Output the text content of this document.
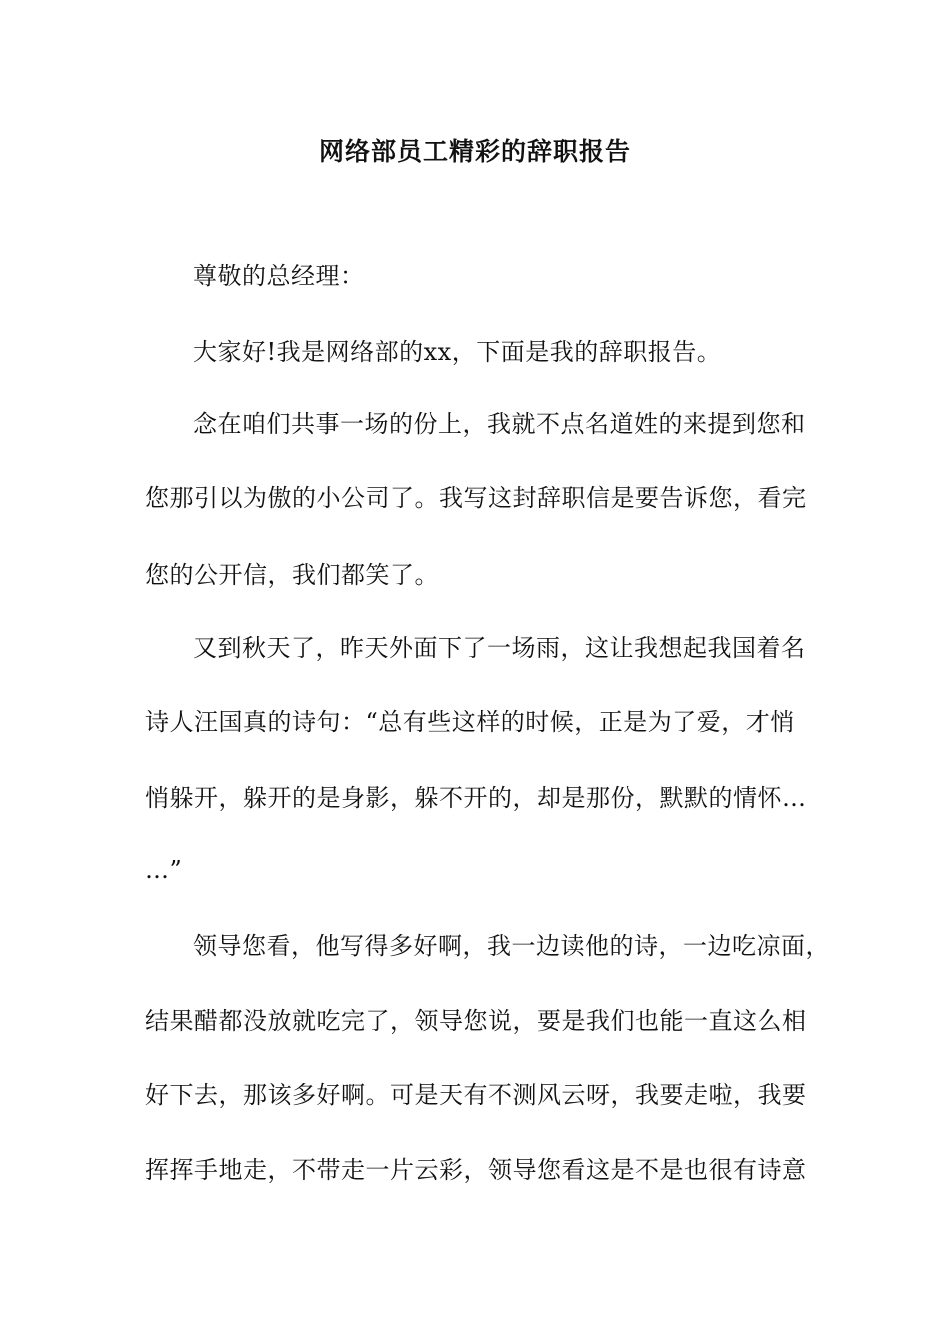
网络部员工精彩的辞职报告
尊敬的总经理：
大家好!我是网络部的xx，下面是我的辞职报告。
念在咱们共事一场的份上，我就不点名道姓的来提到您和
您那引以为傲的小公司了。我写这封辞职信是要告诉您，看完
您的公开信，我们都笑了。
又到秋天了，昨天外面下了一场雨，这让我想起我国着名
诗人汪国真的诗句：“总有些这样的时候，正是为了爱，才悄
悄躲开，躲开的是身影，躲不开的，却是那份，默默的情怀…
…”
领导您看，他写得多好啊，我一边读他的诗，一边吃凉面，
结果醋都没放就吃完了，领导您说，要是我们也能一直这么相
好下去，那该多好啊。可是天有不测风云呀，我要走啦，我要
挥挥手地走，不带走一片云彩，领导您看这是不是也很有诗意
